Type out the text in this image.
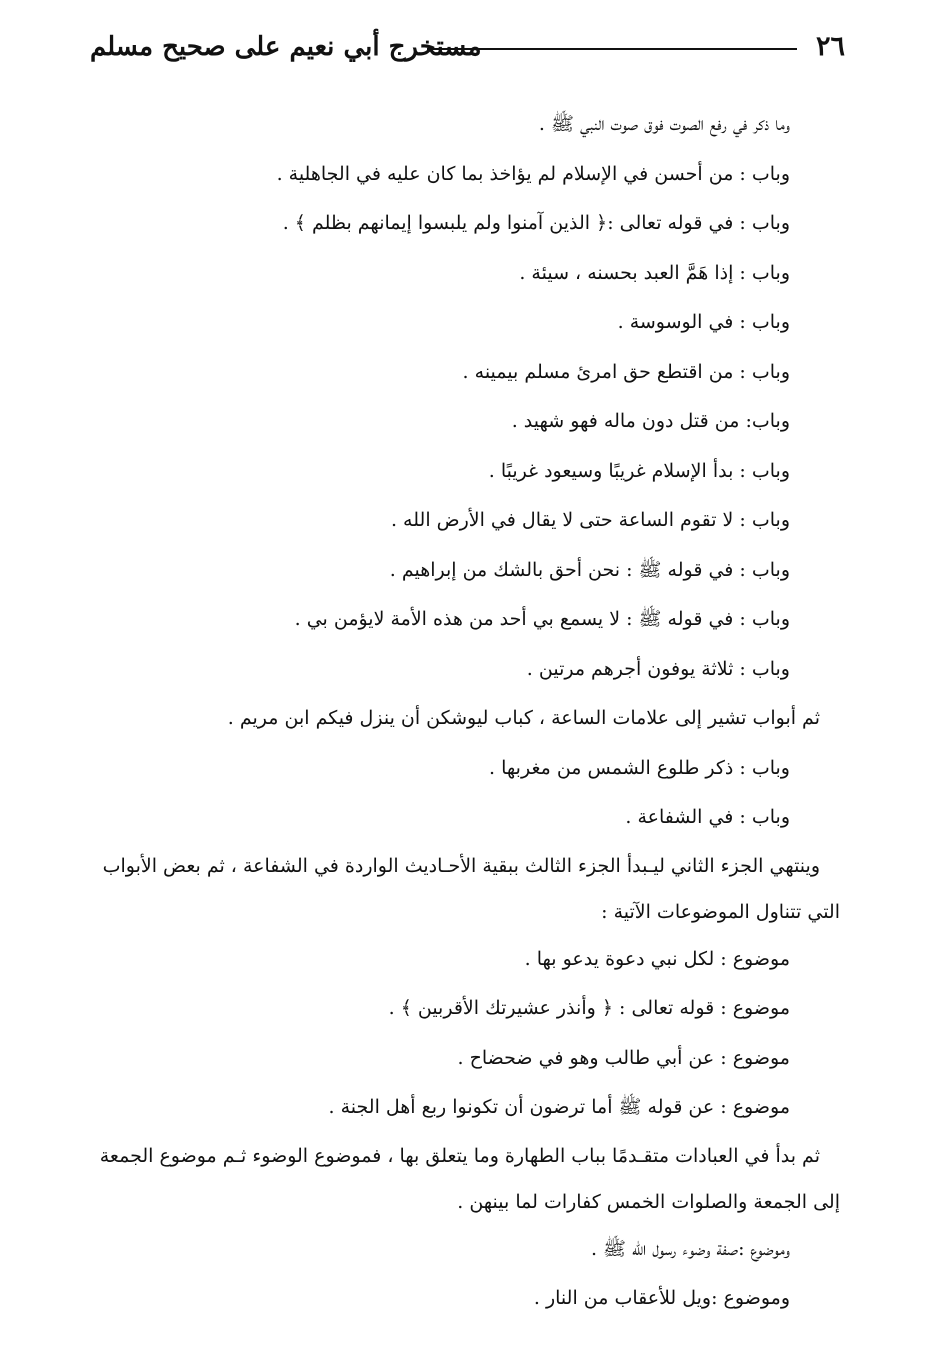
٢٦
مستخرج أبي نعيم على صحيح مسلم
وما ذكر في رفع الصوت فوق صوت النبي ﷺ .
وباب : من أحسن في الإسلام لم يؤاخذ بما كان عليه في الجاهلية .
وباب : في قوله تعالى :﴿ الذين آمنوا ولم يلبسوا إيمانهم بظلم ﴾ .
وباب : إذا هَمَّ العبد بحسنه ، سيئة .
وباب : في الوسوسة .
وباب : من اقتطع حق امرئ مسلم بيمينه .
وباب: من قتل دون ماله فهو شهيد .
وباب : بدأ الإسلام غريبًا وسيعود غريبًا .
وباب : لا تقوم الساعة حتى لا يقال في الأرض الله .
وباب : في قوله ﷺ : نحن أحق بالشك من إبراهيم .
وباب : في قوله ﷺ : لا يسمع بي أحد من هذه الأمة لايؤمن بي .
وباب : ثلاثة يوفون أجرهم مرتين .
ثم أبواب تشير إلى علامات الساعة ، كباب ليوشكن أن ينزل فيكم ابن مريم .
وباب : ذكر طلوع الشمس من مغربها .
وباب : في الشفاعة .
وينتهي الجزء الثاني ليـبدأ الجزء الثالث ببقية الأحـاديث الواردة في الشفاعة ، ثم بعض الأبواب
التي تتناول الموضوعات الآتية :
موضوع : لكل نبي دعوة يدعو بها .
موضوع : قوله تعالى : ﴿ وأنذر عشيرتك الأقربين ﴾ .
موضوع : عن أبي طالب وهو في ضحضاح .
موضوع : عن قوله ﷺ أما ترضون أن تكونوا ربع أهل الجنة .
ثم بدأ في العبادات متقـدمًا بباب الطهارة وما يتعلق بها ، فموضوع الوضوء ثـم موضوع الجمعة
إلى الجمعة والصلوات الخمس كفارات لما بينهن .
وموضوع :صفة وضوء رسول الله ﷺ .
وموضوع :ويل للأعقاب من النار .
